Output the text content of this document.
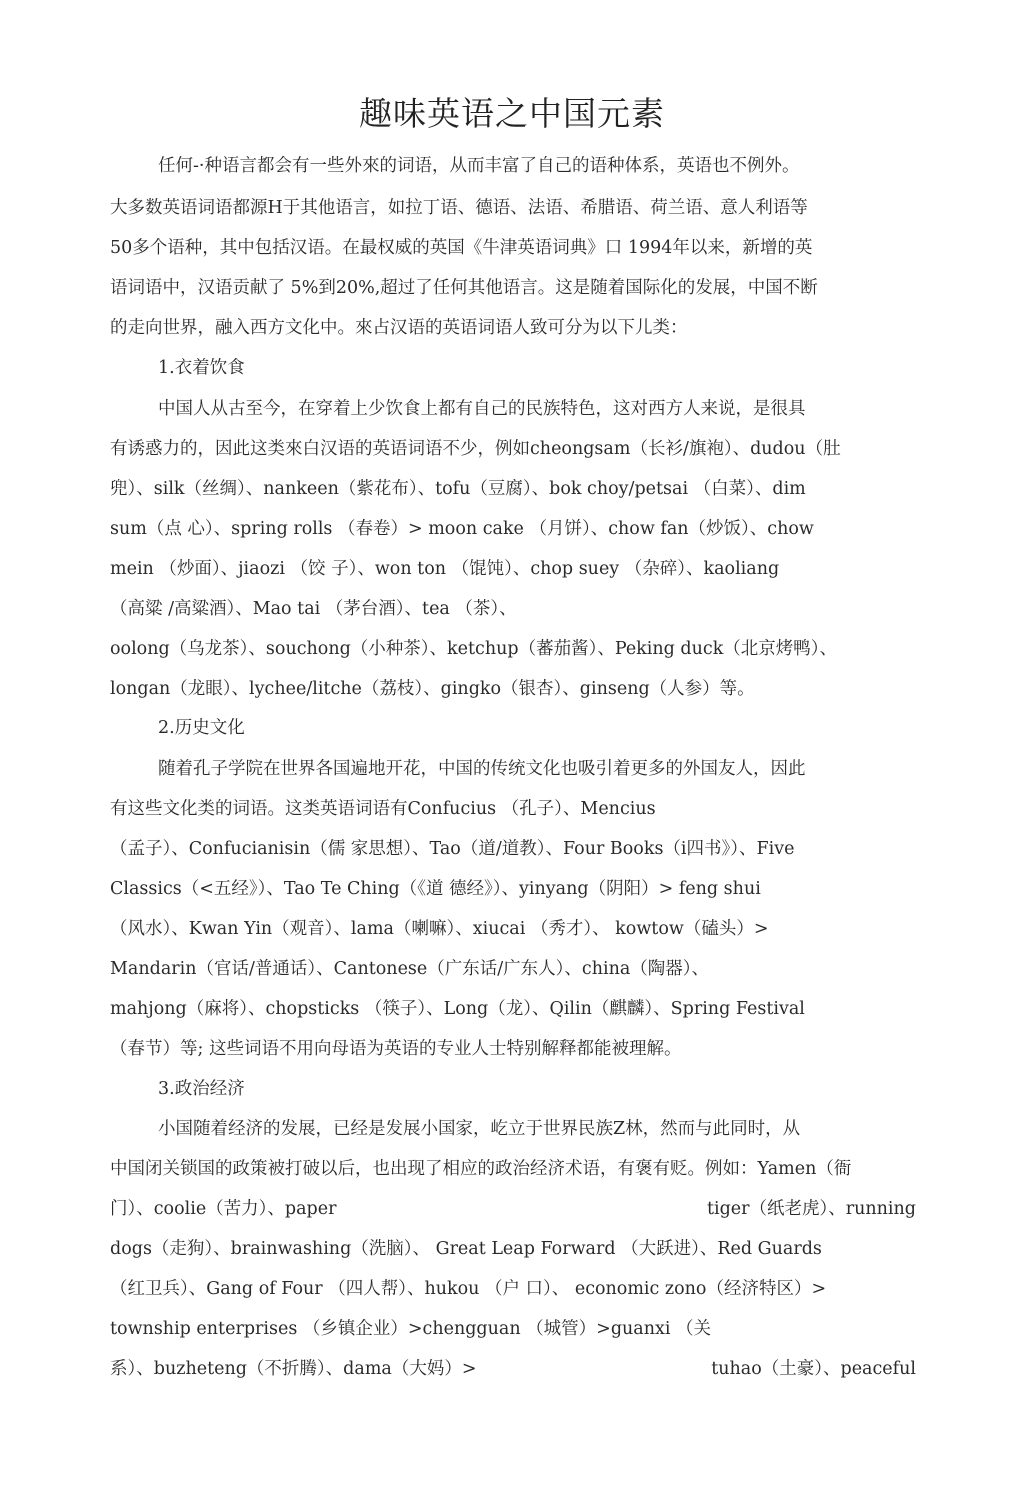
趣味英语之中国元素
任何-·种语言都会有一些外來的词语，从而丰富了自己的语种体系，英语也不例外。
大多数英语词语都源H于其他语言，如拉丁语、德语、法语、希腊语、荷兰语、意人利语等
50多个语种，其中包括汉语。在最权威的英国《牛津英语词典》口 1994年以来，新增的英
语词语中，汉语贡献了 5%到20%,超过了任何其他语言。这是随着国际化的发展，中国不断
的走向世界，融入西方文化中。來占汉语的英语词语人致可分为以下儿类：
1.衣着饮食
中国人从古至今，在穿着上少饮食上都有自己的民族特色，这对西方人来说，是很具
有诱惑力的，因此这类來白汉语的英语词语不少，例如cheongsam（长衫/旗袍）、dudou（肚
兜）、silk（丝绸）、nankeen（紫花布）、tofu（豆腐）、bok choy/petsai （白菜）、dim
sum（点 心）、spring rolls （春卷）> moon cake （月饼）、chow fan（炒饭）、chow
mein （炒面）、jiaozi （饺 子）、won ton （馄饨）、chop suey （杂碎）、kaoliang
（高粱 /高粱酒）、Mao tai （茅台酒）、tea （茶）、
oolong（乌龙茶）、souchong（小种茶）、ketchup（蕃茄酱）、Peking duck（北京烤鸭）、
longan（龙眼）、lychee/litche（荔枝）、gingko（银杏）、ginseng（人参）等。
2.历史文化
随着孔子学院在世界各国遍地开花，中国的传统文化也吸引着更多的外国友人，因此
有这些文化类的词语。这类英语词语有Confucius （孔子）、Mencius
（孟子）、Confucianisin（儒 家思想）、Tao（道/道教）、Four Books（i四书》）、Five
Classics（<五经》）、Tao Te Ching（《道 德经》）、yinyang（阴阳）> feng shui
（风水）、Kwan Yin（观音）、lama（喇嘛）、xiucai （秀才）、 kowtow（磕头）>
Mandarin（官话/普通话）、Cantonese（广东话/广东人）、china（陶器）、
mahjong（麻将）、chopsticks （筷子）、Long（龙）、Qilin（麒麟）、Spring Festival
（春节）等; 这些词语不用向母语为英语的专业人士特别解释都能被理解。
3.政治经济
小国随着经济的发展，已经是发展小国家，屹立于世界民族Z林，然而与此同时，从
中国闭关锁国的政策被打破以后，也出现了相应的政治经济术语，有褒有贬。例如：Yamen（衙
门）、coolie（苦力）、paper	tiger（纸老虎）、running
dogs（走狗）、brainwashing（洗脑）、 Great Leap Forward （大跃进）、Red Guards
（红卫兵）、Gang of Four （四人帮）、hukou （户 口）、 economic zono（经济特区）>
township enterprises （乡镇企业）>chengguan （城管）>guanxi （关
系）、buzheteng（不折腾）、dama（大妈）>	tuhao（土豪）、peaceful
